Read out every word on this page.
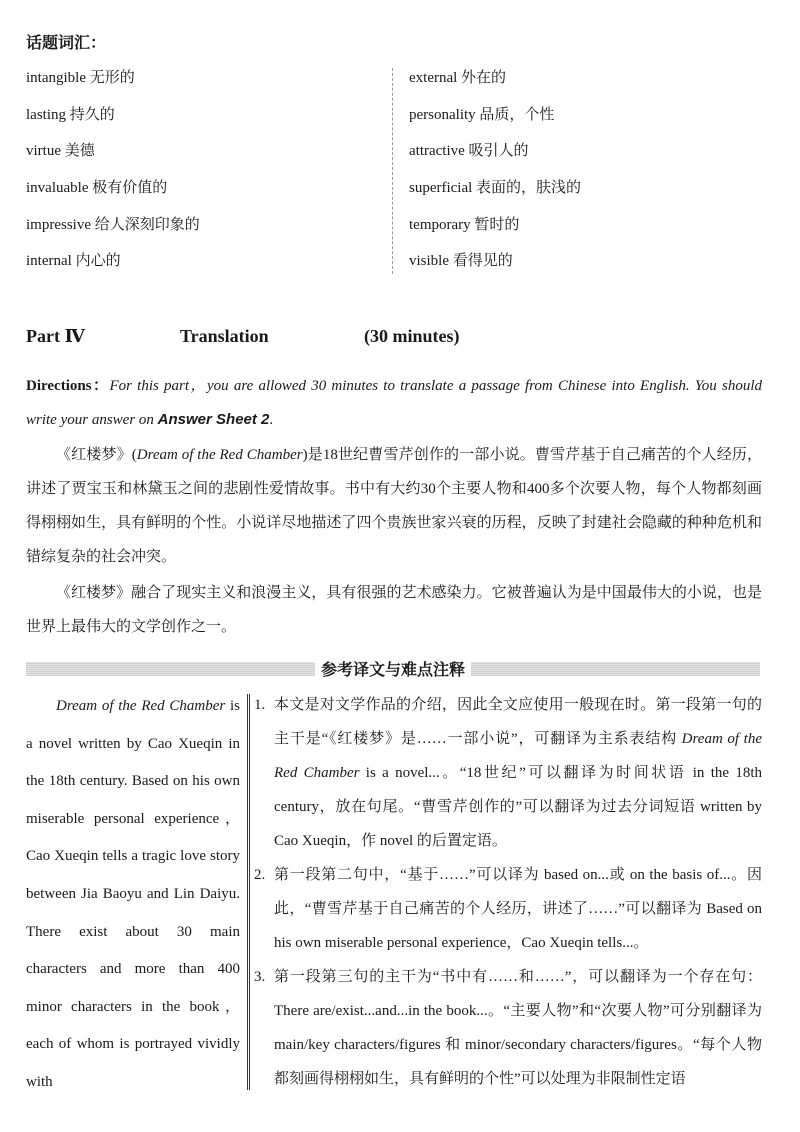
话题词汇：
intangible 无形的
lasting 持久的
virtue 美德
invaluable 极有价值的
impressive 给人深刻印象的
internal 内心的
external 外在的
personality 品质，个性
attractive 吸引人的
superficial 表面的，肤浅的
temporary 暂时的
visible 看得见的
Part Ⅳ	Translation	(30 minutes)
Directions：For this part，you are allowed 30 minutes to translate a passage from Chinese into English. You should write your answer on Answer Sheet 2.

《红楼梦》(Dream of the Red Chamber)是18世纪曹雪芹创作的一部小说。曹雪芹基于自己痛苦的个人经历，讲述了贾宝玉和林黛玉之间的悲剧性爱情故事。书中有大约30个主要人物和400多个次要人物，每个人物都刻画得栩栩如生，具有鲜明的个性。小说详尽地描述了四个贵族世家兴衰的历程，反映了封建社会隐藏的种种危机和错综复杂的社会冲突。

《红楼梦》融合了现实主义和浪漫主义，具有很强的艺术感染力。它被普遍认为是中国最伟大的小说，也是世界上最伟大的文学创作之一。

参考译文与难点注释

Dream of the Red Chamber is a novel written by Cao Xueqin in the 18th century. Based on his own miserable personal experience，Cao Xueqin tells a tragic love story between Jia Baoyu and Lin Daiyu. There exist about 30 main characters and more than 400 minor characters in the book，each of whom is portrayed vividly with

1. 本文是对文学作品的介绍，因此全文应使用一般现在时。第一段第一句的主干是“《红楼梦》是……一部小说”，可翻译为主系表结构 Dream of the Red Chamber is a novel...。“18世纪”可以翻译为时间状语 in the 18th century，放在句尾。“曹雪芹创作的”可以翻译为过去分词短语 written by Cao Xueqin，作 novel 的后置定语。
2. 第一段第二句中，“基于……”可以译为 based on...或 on the basis of...。因此，“曹雪芹基于自己痛苦的个人经历，讲述了……”可以翻译为 Based on his own miserable personal experience，Cao Xueqin tells...。
3. 第一段第三句的主干为“书中有……和……”，可以翻译为一个存在句：There are/exist...and...in the book...。“主要人物”和“次要人物”可分别翻译为 main/key characters/figures 和 minor/secondary characters/figures。“每个人物都刻画得栩栩如生，具有鲜明的个性”可以处理为非限制性定语
